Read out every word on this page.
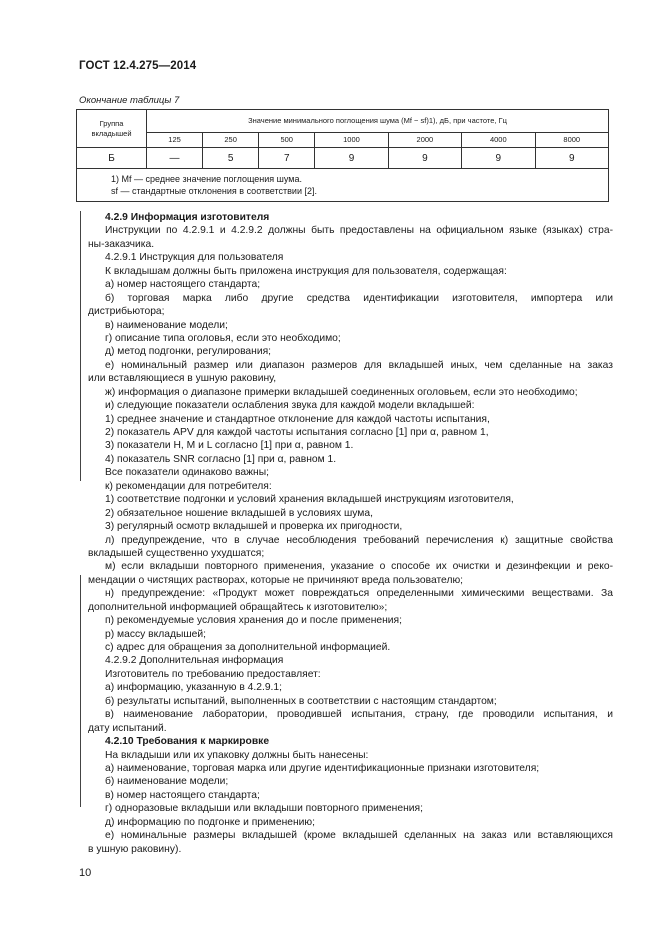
ГОСТ 12.4.275—2014
Окончание таблицы 7
Группа
вкладышей	Значение минимального поглощения шума (Mf − sf)1), дБ, при частоте, Гц						
	125	250	500	1000	2000	4000	8000
Б	—	5	7	9	9	9	9

1) Mf — среднее значение поглощения шума.
sf — стандартные отклонения в соответствии [2].							
4.2.9 Информация изготовителя
Инструкции по 4.2.9.1 и 4.2.9.2 должны быть предоставлены на официальном языке (языках) стра-
ны-заказчика.
4.2.9.1 Инструкция для пользователя
К вкладышам должны быть приложена инструкция для пользователя, содержащая:
а) номер настоящего стандарта;
б) торговая марка либо другие средства идентификации изготовителя, импортера или
дистрибьютора;
в) наименование модели;
г) описание типа оголовья, если это необходимо;
д) метод подгонки, регулирования;
е) номинальный размер или диапазон размеров для вкладышей иных, чем сделанные на заказ
или вставляющиеся в ушную раковину,
ж) информация о диапазоне примерки вкладышей соединенных оголовьем, если это необходимо;
и) следующие показатели ослабления звука для каждой модели вкладышей:
1) среднее значение и стандартное отклонение для каждой частоты испытания,
2) показатель APV для каждой частоты испытания согласно [1] при α, равном 1,
3) показатели H, M и L согласно [1] при α, равном 1.
4) показатель SNR согласно [1] при α, равном 1.
Все показатели одинаково важны;
к) рекомендации для потребителя:
1) соответствие подгонки и условий хранения вкладышей инструкциям изготовителя,
2) обязательное ношение вкладышей в условиях шума,
3) регулярный осмотр вкладышей и проверка их пригодности,
л) предупреждение, что в случае несоблюдения требований перечисления к) защитные свойства
вкладышей существенно ухудшатся;
м) если вкладыши повторного применения, указание о способе их очистки и дезинфекции и реко-
мендации о чистящих растворах, которые не причиняют вреда пользователю;
н) предупреждение: «Продукт может повреждаться определенными химическими веществами. За
дополнительной информацией обращайтесь к изготовителю»;
п) рекомендуемые условия хранения до и после применения;
р) массу вкладышей;
с) адрес для обращения за дополнительной информацией.
4.2.9.2 Дополнительная информация
Изготовитель по требованию предоставляет:
а) информацию, указанную в 4.2.9.1;
б) результаты испытаний, выполненных в соответствии с настоящим стандартом;
в) наименование лаборатории, проводившей испытания, страну, где проводили испытания, и
дату испытаний.
4.2.10 Требования к маркировке
На вкладыши или их упаковку должны быть нанесены:
а) наименование, торговая марка или другие идентификационные признаки изготовителя;
б) наименование модели;
в) номер настоящего стандарта;
г) одноразовые вкладыши или вкладыши повторного применения;
д) информацию по подгонке и применению;
е) номинальные размеры вкладышей (кроме вкладышей сделанных на заказ или вставляющихся
в ушную раковину).
10
